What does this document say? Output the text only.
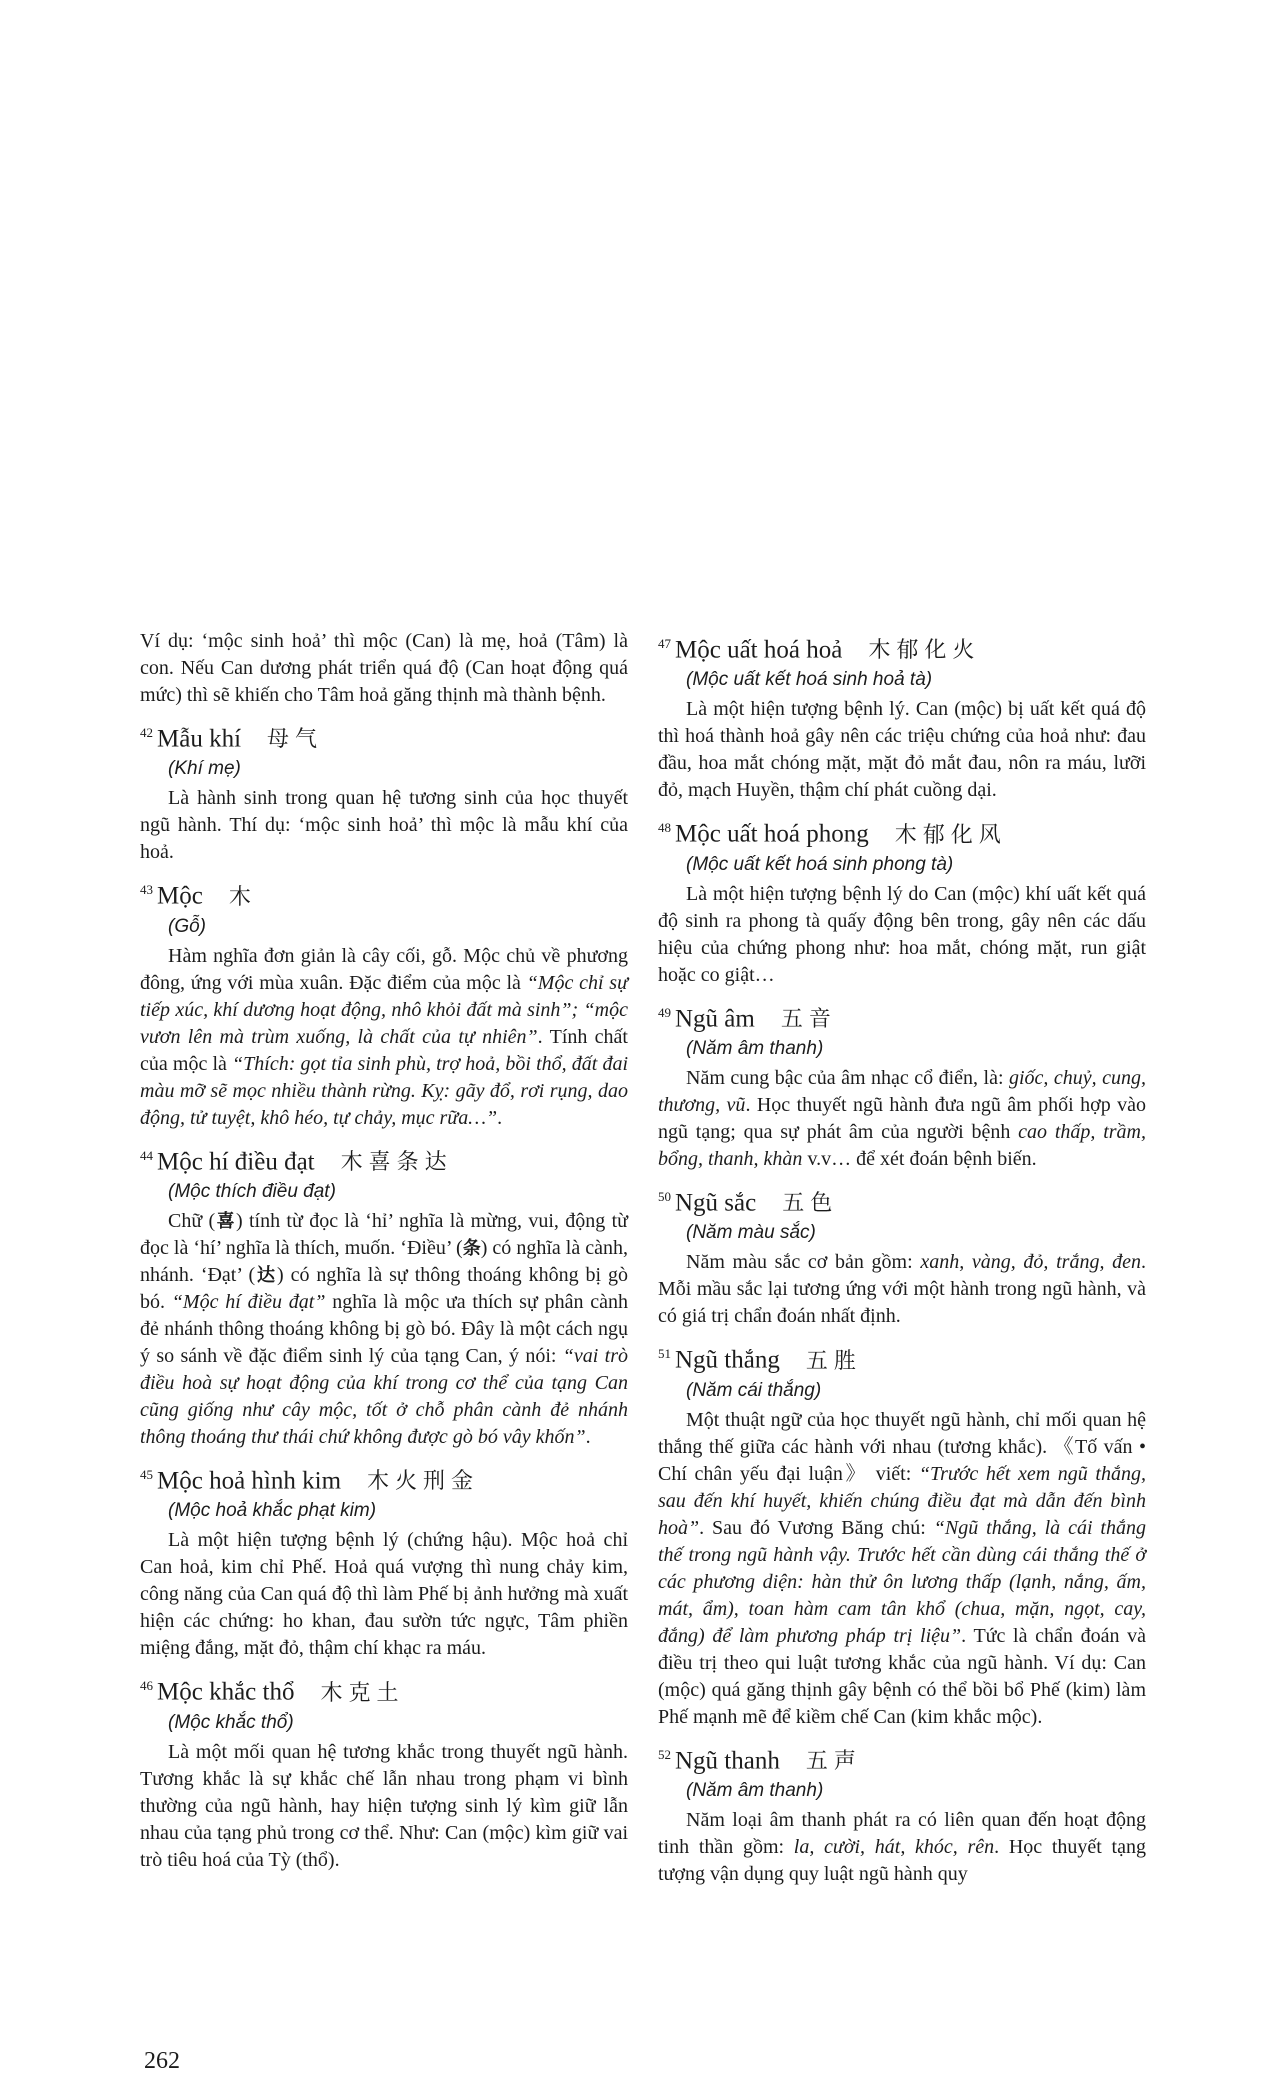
Ví dụ: ‘mộc sinh hoả’ thì mộc (Can) là mẹ, hoả (Tâm) là con. Nếu Can dương phát triển quá độ (Can hoạt động quá mức) thì sẽ khiến cho Tâm hoả găng thịnh mà thành bệnh.

$^{42}$ Mẫu khí 母气

(Khí mẹ)

Là hành sinh trong quan hệ tương sinh của học thuyết ngũ hành. Thí dụ: ‘mộc sinh hoả’ thì mộc là mẫu khí của hoả.

$^{43}$ Mộc 木

(Gỗ)

Hàm nghĩa đơn giản là cây cối, gỗ. Mộc chủ về phương đông, ứng với mùa xuân. Đặc điểm của mộc là “Mộc chỉ sự tiếp xúc, khí dương hoạt động, nhô khỏi đất mà sinh”; “mộc vươn lên mà trùm xuống, là chất của tự nhiên”. Tính chất của mộc là “Thích: gọt tỉa sinh phù, trợ hoả, bồi thổ, đất đai màu mỡ sẽ mọc nhiều thành rừng. Kỵ: gãy đổ, rơi rụng, dao động, tử tuyệt, khô héo, tự chảy, mục rữa…”.

$^{44}$ Mộc hí điều đạt 木喜条达

(Mộc thích điều đạt)

Chữ (喜) tính từ đọc là ‘hỉ’ nghĩa là mừng, vui, động từ đọc là ‘hí’ nghĩa là thích, muốn. ‘Điều’ (条) có nghĩa là cành, nhánh. ‘Đạt’ (达) có nghĩa là sự thông thoáng không bị gò bó. “Mộc hí điều đạt” nghĩa là mộc ưa thích sự phân cành đẻ nhánh thông thoáng không bị gò bó. Đây là một cách ngụ ý so sánh về đặc điểm sinh lý của tạng Can, ý nói: “vai trò điều hoà sự hoạt động của khí trong cơ thể của tạng Can cũng giống như cây mộc, tốt ở chỗ phân cành đẻ nhánh thông thoáng thư thái chứ không được gò bó vây khốn”.

$^{45}$ Mộc hoả hình kim 木火刑金

(Mộc hoả khắc phạt kim)

Là một hiện tượng bệnh lý (chứng hậu). Mộc hoả chỉ Can hoả, kim chỉ Phế. Hoả quá vượng thì nung chảy kim, công năng của Can quá độ thì làm Phế bị ảnh hưởng mà xuất hiện các chứng: ho khan, đau sườn tức ngực, Tâm phiền miệng đắng, mặt đỏ, thậm chí khạc ra máu.

$^{46}$ Mộc khắc thổ 木克土

(Mộc khắc thổ)

Là một mối quan hệ tương khắc trong thuyết ngũ hành. Tương khắc là sự khắc chế lẫn nhau trong phạm vi bình thường của ngũ hành, hay hiện tượng sinh lý kìm giữ lẫn nhau của tạng phủ trong cơ thể. Như: Can (mộc) kìm giữ vai trò tiêu hoá của Tỳ (thổ).

$^{47}$ Mộc uất hoá hoả 木郁化火

(Mộc uất kết hoá sinh hoả tà)

Là một hiện tượng bệnh lý. Can (mộc) bị uất kết quá độ thì hoá thành hoả gây nên các triệu chứng của hoả như: đau đầu, hoa mắt chóng mặt, mặt đỏ mắt đau, nôn ra máu, lưỡi đỏ, mạch Huyền, thậm chí phát cuồng dại.

$^{48}$ Mộc uất hoá phong 木郁化风

(Mộc uất kết hoá sinh phong tà)

Là một hiện tượng bệnh lý do Can (mộc) khí uất kết quá độ sinh ra phong tà quấy động bên trong, gây nên các dấu hiệu của chứng phong như: hoa mắt, chóng mặt, run giật hoặc co giật…

$^{49}$ Ngũ âm 五音

(Năm âm thanh)

Năm cung bậc của âm nhạc cổ điển, là: giốc, chuỷ, cung, thương, vũ. Học thuyết ngũ hành đưa ngũ âm phối hợp vào ngũ tạng; qua sự phát âm của người bệnh cao thấp, trầm, bổng, thanh, khàn v.v… để xét đoán bệnh biến.

$^{50}$ Ngũ sắc 五色

(Năm màu sắc)

Năm màu sắc cơ bản gồm: xanh, vàng, đỏ, trắng, đen. Mỗi mầu sắc lại tương ứng với một hành trong ngũ hành, và có giá trị chẩn đoán nhất định.

$^{51}$ Ngũ thắng 五胜

(Năm cái thắng)

Một thuật ngữ của học thuyết ngũ hành, chỉ mối quan hệ thắng thế giữa các hành với nhau (tương khắc). 《Tố vấn • Chí chân yếu đại luận》 viết: “Trước hết xem ngũ thắng, sau đến khí huyết, khiến chúng điều đạt mà dẫn đến bình hoà”. Sau đó Vương Băng chú: “Ngũ thắng, là cái thắng thế trong ngũ hành vậy. Trước hết cần dùng cái thắng thế ở các phương diện: hàn thử ôn lương thấp (lạnh, nắng, ấm, mát, ẩm), toan hàm cam tân khổ (chua, mặn, ngọt, cay, đắng) để làm phương pháp trị liệu”. Tức là chẩn đoán và điều trị theo qui luật tương khắc của ngũ hành. Ví dụ: Can (mộc) quá găng thịnh gây bệnh có thể bồi bổ Phế (kim) làm Phế mạnh mẽ để kiềm chế Can (kim khắc mộc).

$^{52}$ Ngũ thanh 五声

(Năm âm thanh)

Năm loại âm thanh phát ra có liên quan đến hoạt động tinh thần gồm: la, cười, hát, khóc, rên. Học thuyết tạng tượng vận dụng quy luật ngũ hành quy

262
